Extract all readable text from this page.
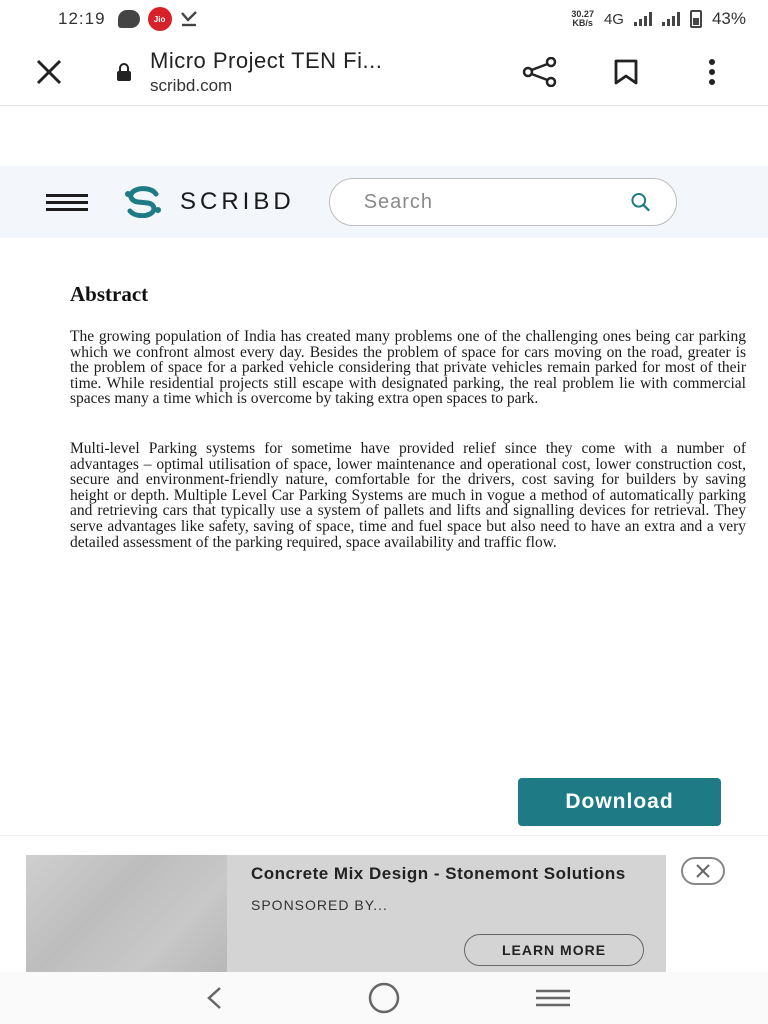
12:19	Jio	30.27
KB/s 4G	43%
Micro Project TEN Fi...
scribd.com
SCRIBD
Search
Abstract

The growing population of India has created many problems one of the challenging ones being car parking which we confront almost every day. Besides the problem of space for cars moving on the road, greater is the problem of space for a parked vehicle considering that private vehicles remain parked for most of their time. While residential projects still escape with designated parking, the real problem lie with commercial spaces many a time which is overcome by taking extra open spaces to park.

Multi-level Parking systems for sometime have provided relief since they come with a number of advantages – optimal utilisation of space, lower maintenance and operational cost, lower construction cost, secure and environment-friendly nature, comfortable for the drivers, cost saving for builders by saving height or depth. Multiple Level Car Parking Systems are much in vogue a method of automatically parking and retrieving cars that typically use a system of pallets and lifts and signalling devices for retrieval. They serve advantages like safety, saving of space, time and fuel space but also need to have an extra and a very detailed assessment of the parking required, space availability and traffic flow.

Download
Concrete Mix Design - Stonemont Solutions
SPONSORED BY...
LEARN MORE
